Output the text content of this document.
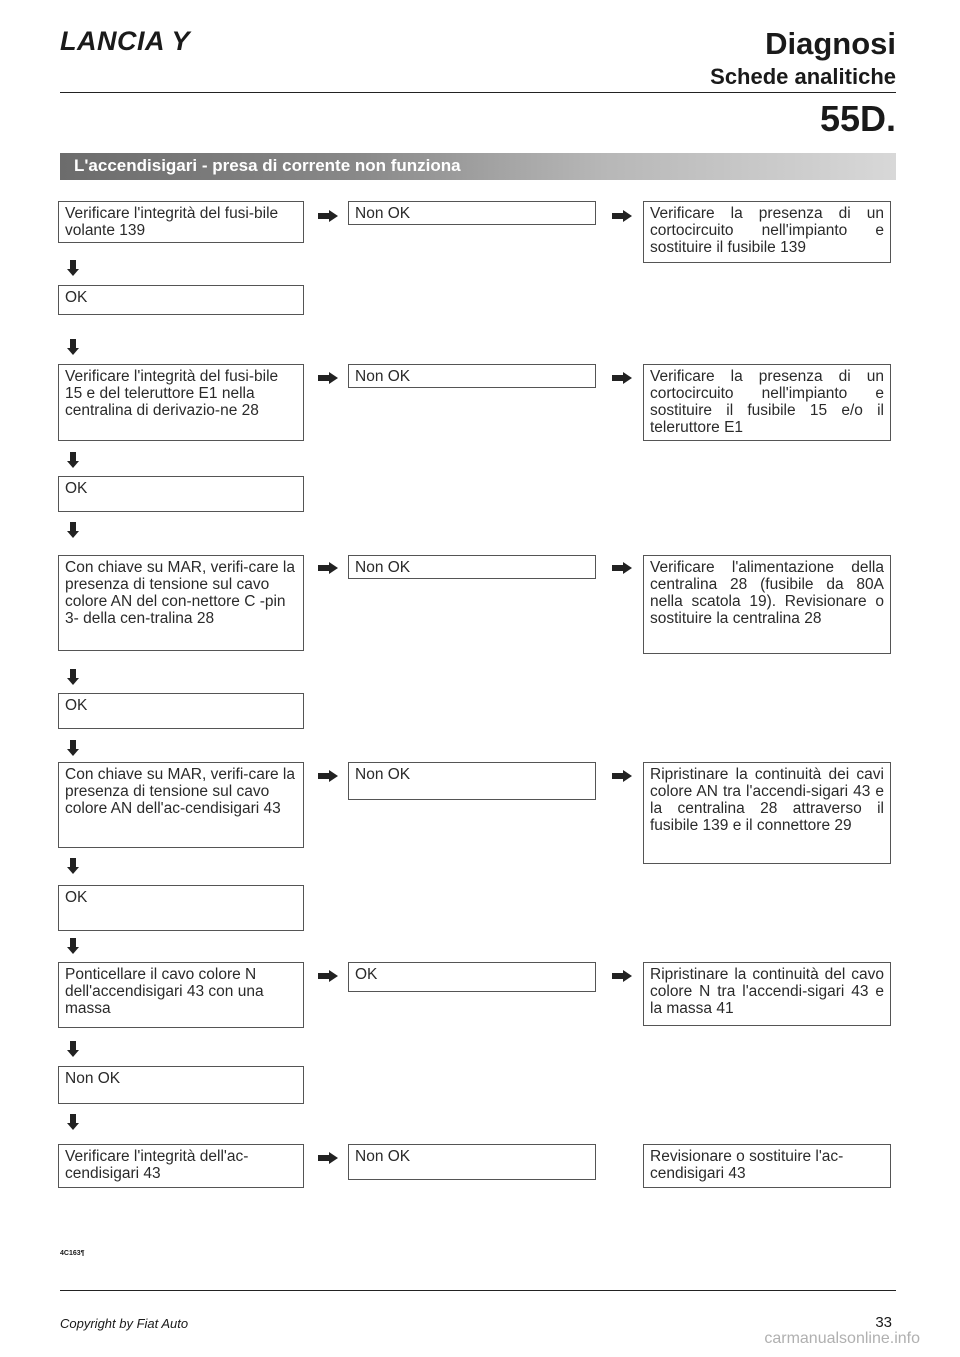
LANCIA Y	Diagnosi
Schede analitiche
55D.
L'accendisigari - presa di corrente non funziona
Verificare l'integrità del fusi-bile volante 139
Non OK	Verificare la presenza di un cortocircuito nell'impianto e sostituire il fusibile 139
OK
Verificare l'integrità del fusi-bile 15 e del teleruttore E1 nella centralina di derivazio-ne 28
Non OK	Verificare la presenza di un cortocircuito nell'impianto e sostituire il fusibile 15 e/o il teleruttore E1
OK
Con chiave su MAR, verifi-care la presenza di tensione sul cavo colore AN del con-nettore C -pin 3- della cen-tralina 28
Non OK	Verificare l'alimentazione della centralina 28 (fusibile da 80A nella scatola 19). Revisionare o sostituire la centralina 28
OK
Con chiave su MAR, verifi-care la presenza di tensione sul cavo colore AN dell'ac-cendisigari 43
Non OK	Ripristinare la continuità dei cavi colore AN tra l'accendi-sigari 43 e la centralina 28 attraverso il fusibile 139 e il connettore 29
OK
Ponticellare il cavo colore N dell'accendisigari 43 con una massa
OK	Ripristinare la continuità del cavo colore N tra l'accendi-sigari 43 e la massa 41
Non OK
Verificare l'integrità dell'ac-cendisigari 43
Non OK	Revisionare o sostituire l'ac-cendisigari 43
4C163¶
Copyright by Fiat Auto	33
carmanualsonline.info
